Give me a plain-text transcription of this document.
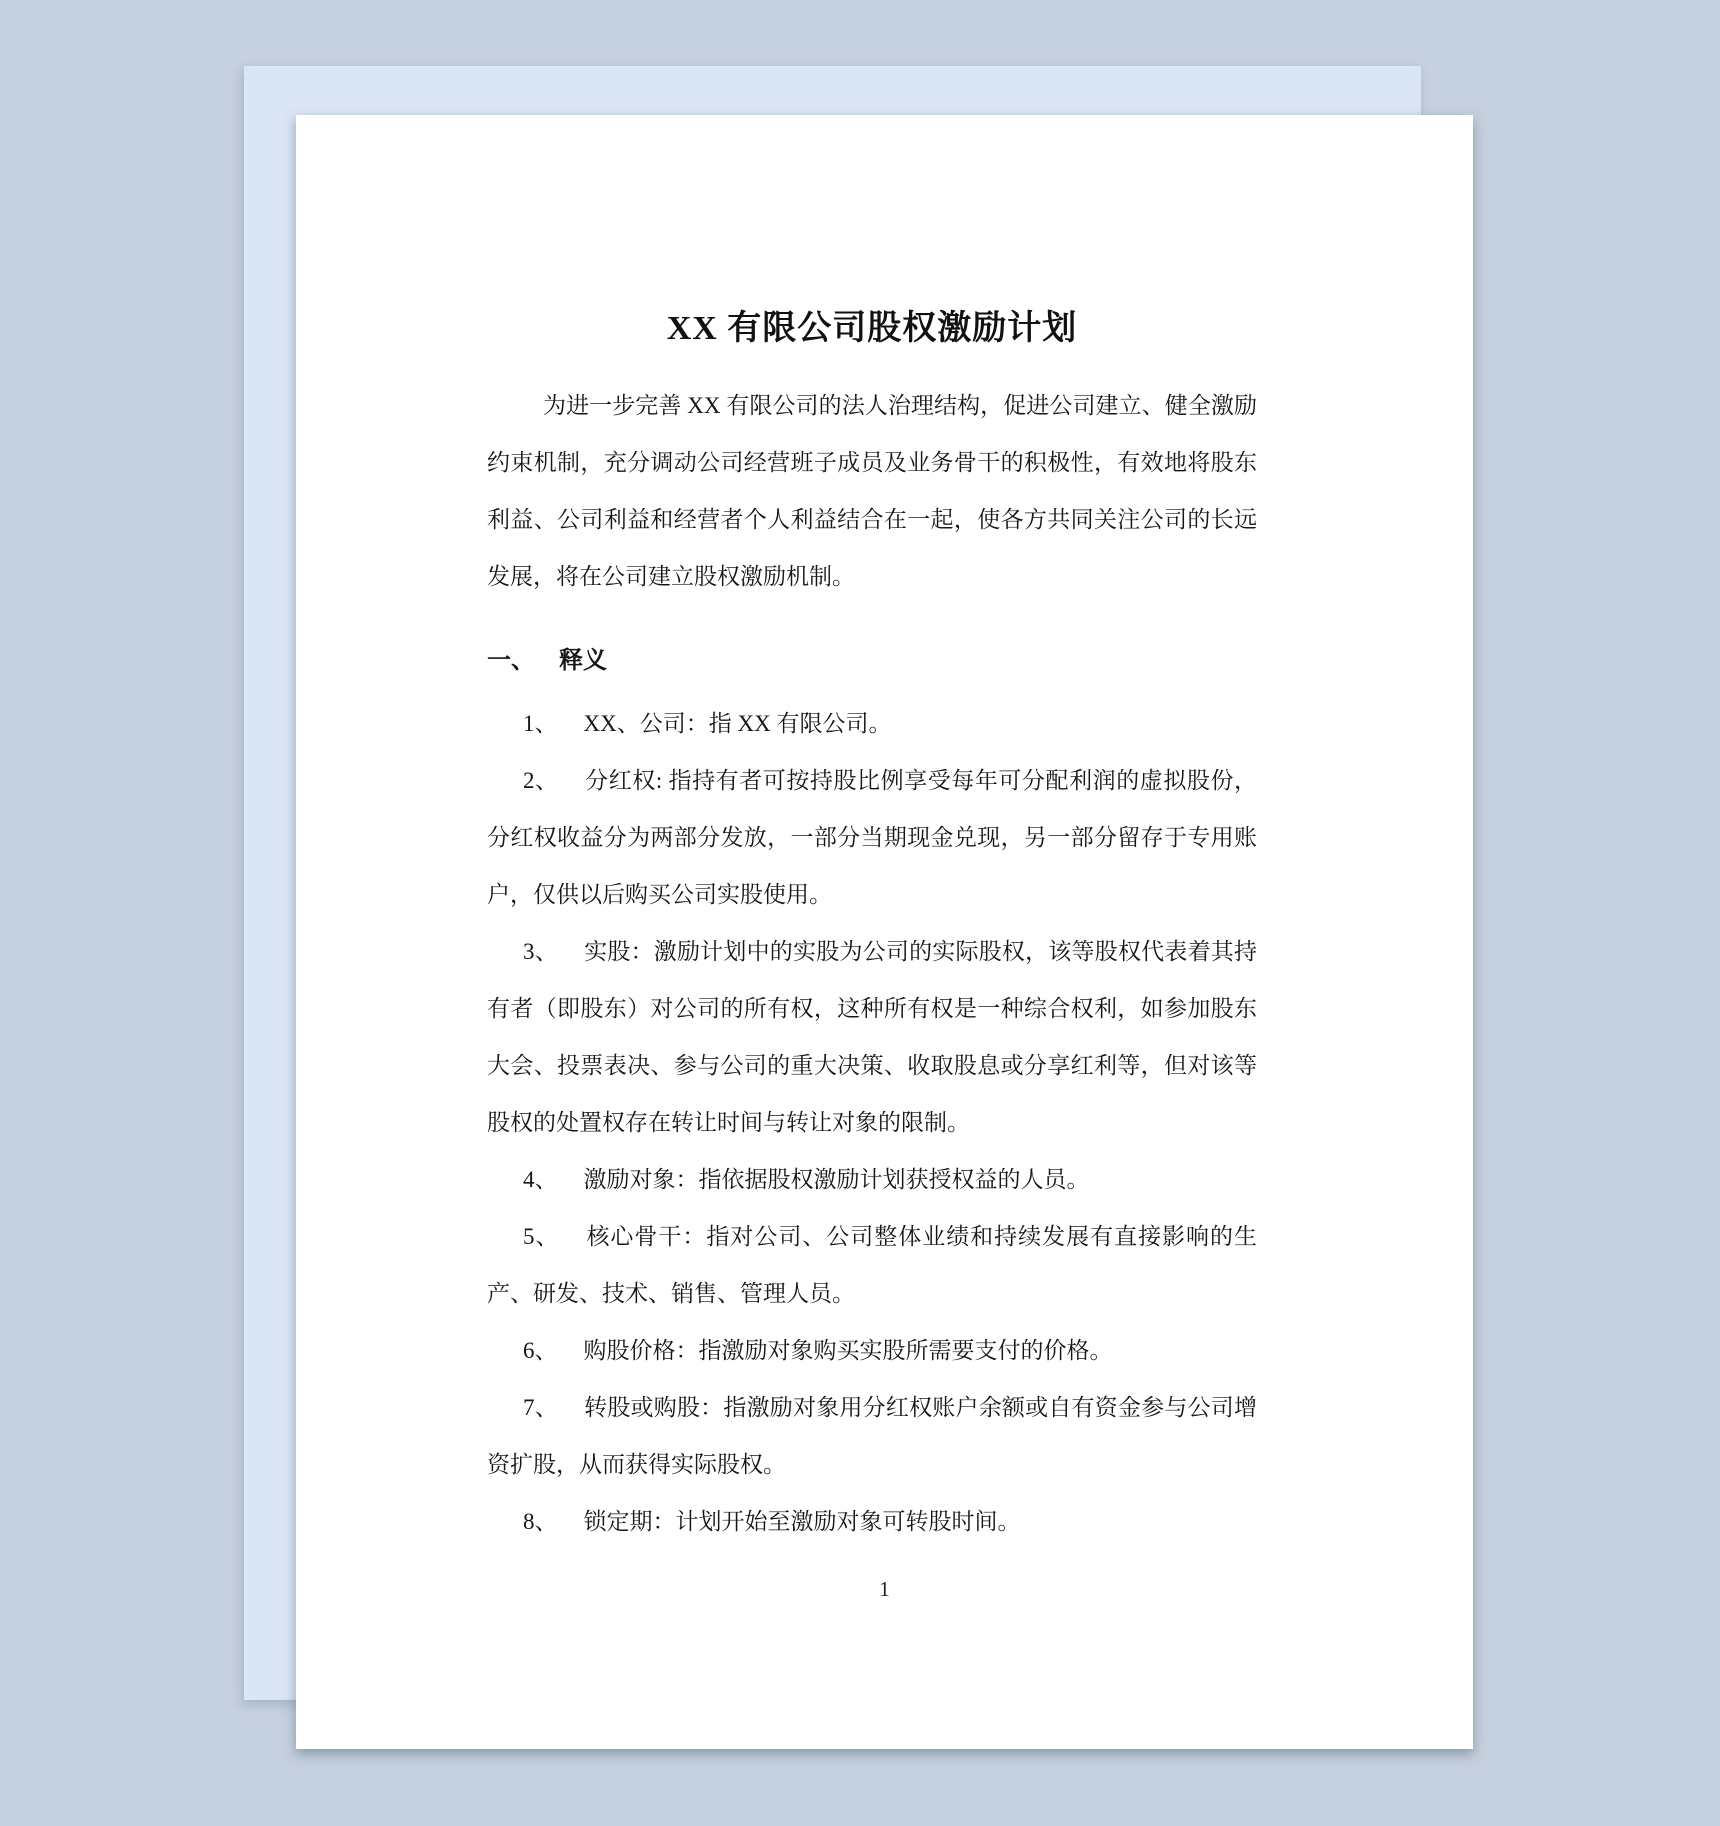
XX 有限公司股权激励计划

为进一步完善 XX 有限公司的法人治理结构，促进公司建立、健全激励约束机制，充分调动公司经营班子成员及业务骨干的积极性，有效地将股东利益、公司利益和经营者个人利益结合在一起，使各方共同关注公司的长远发展，将在公司建立股权激励机制。

一、 释义

1、 XX、公司：指 XX 有限公司。

2、 分红权: 指持有者可按持股比例享受每年可分配利润的虚拟股份，分红权收益分为两部分发放，一部分当期现金兑现，另一部分留存于专用账户，仅供以后购买公司实股使用。

3、 实股：激励计划中的实股为公司的实际股权，该等股权代表着其持有者（即股东）对公司的所有权，这种所有权是一种综合权利，如参加股东大会、投票表决、参与公司的重大决策、收取股息或分享红利等，但对该等股权的处置权存在转让时间与转让对象的限制。

4、 激励对象：指依据股权激励计划获授权益的人员。

5、 核心骨干：指对公司、公司整体业绩和持续发展有直接影响的生产、研发、技术、销售、管理人员。

6、 购股价格：指激励对象购买实股所需要支付的价格。

7、 转股或购股：指激励对象用分红权账户余额或自有资金参与公司增资扩股，从而获得实际股权。

8、 锁定期：计划开始至激励对象可转股时间。

1
